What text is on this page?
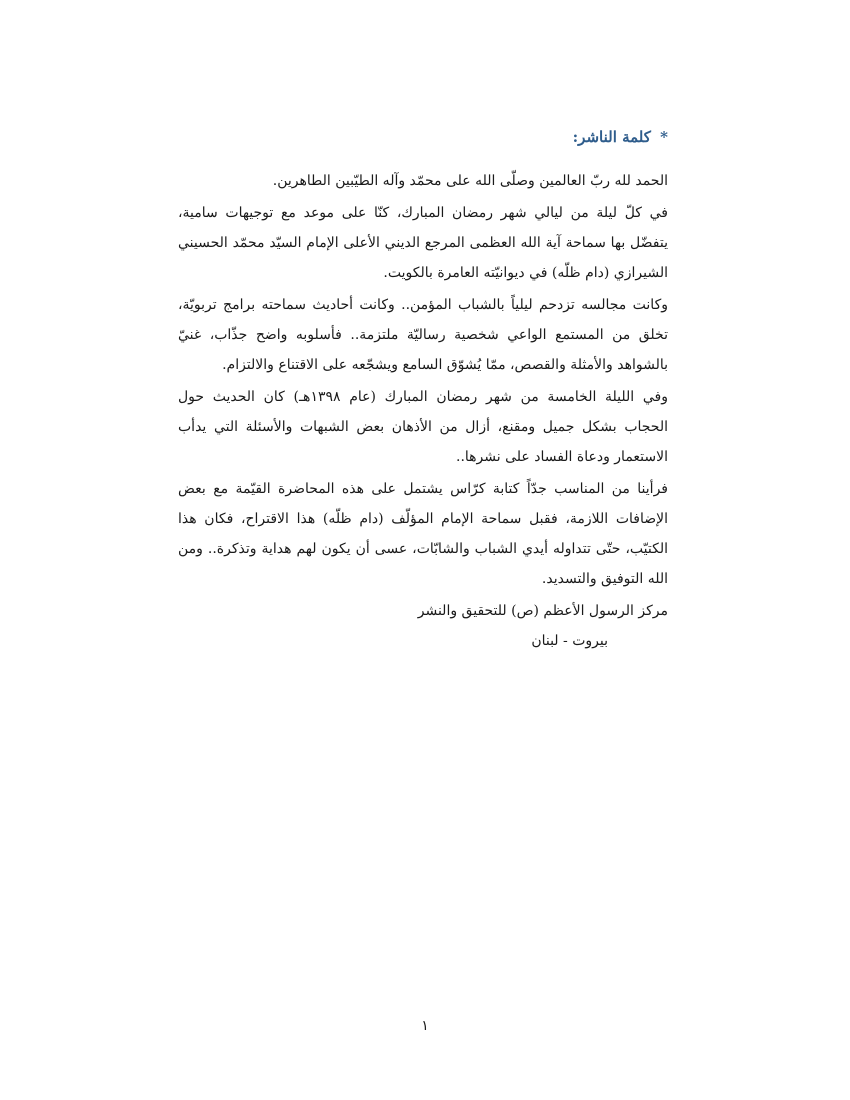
* كلمة الناشر:

الحمد لله ربّ العالمين وصلّى الله على محمّد وآله الطيّبين الطاهرين.

في كلّ ليلة من ليالي شهر رمضان المبارك، كنّا على موعد مع توجيهات سامية، يتفضّل بها سماحة آية الله العظمى المرجع الديني الأعلى الإمام السيّد محمّد الحسيني الشيرازي (دام ظلّه) في ديوانيّته العامرة بالكويت.

وكانت مجالسه تزدحم ليلياً بالشباب المؤمن.. وكانت أحاديث سماحته برامج تربويّة، تخلق من المستمع الواعي شخصية رساليّة ملتزمة.. فأسلوبه واضح جذّاب، غنيّ بالشواهد والأمثلة والقصص، ممّا يُشوّق السامع ويشجّعه على الاقتناع والالتزام.

وفي الليلة الخامسة من شهر رمضان المبارك (عام ١٣٩٨هـ) كان الحديث حول الحجاب بشكل جميل ومقنع، أزال من الأذهان بعض الشبهات والأسئلة التي يدأب الاستعمار ودعاة الفساد على نشرها..

فرأينا من المناسب جدّاً كتابة كرّاس يشتمل على هذه المحاضرة القيّمة مع بعض الإضافات اللازمة، فقبل سماحة الإمام المؤلّف (دام ظلّه) هذا الاقتراح، فكان هذا الكتيّب، حتّى تتداوله أيدي الشباب والشابّات، عسى أن يكون لهم هداية وتذكرة.. ومن الله التوفيق والتسديد.

مركز الرسول الأعظم (ص) للتحقيق والنشر

بيروت - لبنان

١
